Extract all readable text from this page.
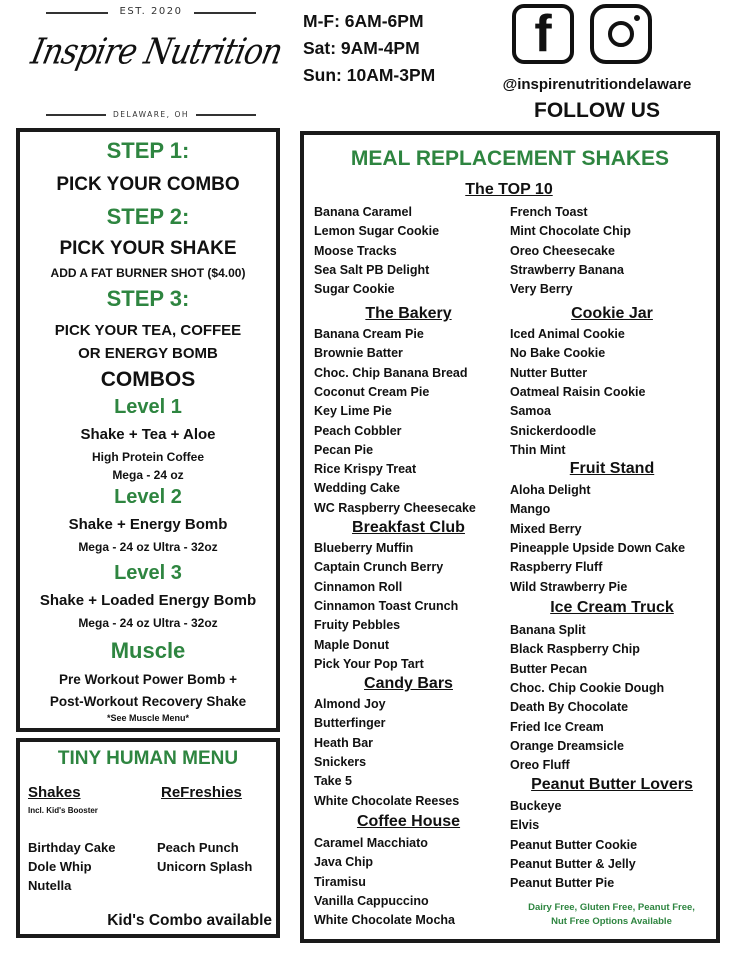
EST. 2020
Inspire Nutrition
DELAWARE, OH
M-F: 6AM-6PM
Sat: 9AM-4PM
Sun: 10AM-3PM
f
@inspirenutritiondelaware
FOLLOW US
STEP 1:
PICK YOUR COMBO
STEP 2:
PICK YOUR SHAKE
ADD A FAT BURNER SHOT ($4.00)
STEP 3:
PICK YOUR TEA, COFFEE
OR ENERGY BOMB
COMBOS
Level 1
Shake + Tea + Aloe
High Protein Coffee
Mega - 24 oz
Level 2
Shake + Energy Bomb
Mega - 24 oz Ultra - 32oz
Level 3
Shake + Loaded Energy Bomb
Mega - 24 oz Ultra - 32oz
Muscle
Pre Workout Power Bomb +
Post-Workout Recovery Shake
*See Muscle Menu*
TINY HUMAN MENU
Shakes
Incl. Kid's Booster
ReFreshies
Birthday Cake
Dole Whip
Nutella
Peach Punch
Unicorn Splash
Kid's Combo available
MEAL REPLACEMENT SHAKES
The TOP 10
Banana Caramel
Lemon Sugar Cookie
Moose Tracks
Sea Salt PB Delight
Sugar Cookie
French Toast
Mint Chocolate Chip
Oreo Cheesecake
Strawberry Banana
Very Berry
The Bakery
Banana Cream Pie
Brownie Batter
Choc. Chip Banana Bread
Coconut Cream Pie
Key Lime Pie
Peach Cobbler
Pecan Pie
Rice Krispy Treat
Wedding Cake
WC Raspberry Cheesecake
Cookie Jar
Iced Animal Cookie
No Bake Cookie
Nutter Butter
Oatmeal Raisin Cookie
Samoa
Snickerdoodle
Thin Mint
Fruit Stand
Aloha Delight
Mango
Mixed Berry
Pineapple Upside Down Cake
Raspberry Fluff
Wild Strawberry Pie
Breakfast Club
Blueberry Muffin
Captain Crunch Berry
Cinnamon Roll
Cinnamon Toast Crunch
Fruity Pebbles
Maple Donut
Pick Your Pop Tart
Ice Cream Truck
Banana Split
Black Raspberry Chip
Butter Pecan
Choc. Chip Cookie Dough
Death By Chocolate
Fried Ice Cream
Orange Dreamsicle
Oreo Fluff
Candy Bars
Almond Joy
Butterfinger
Heath Bar
Snickers
Take 5
White Chocolate Reeses
Peanut Butter Lovers
Buckeye
Elvis
Peanut Butter Cookie
Peanut Butter & Jelly
Peanut Butter Pie
Coffee House
Caramel Macchiato
Java Chip
Tiramisu
Vanilla Cappuccino
White Chocolate Mocha
Dairy Free, Gluten Free, Peanut Free,
Nut Free Options Available
